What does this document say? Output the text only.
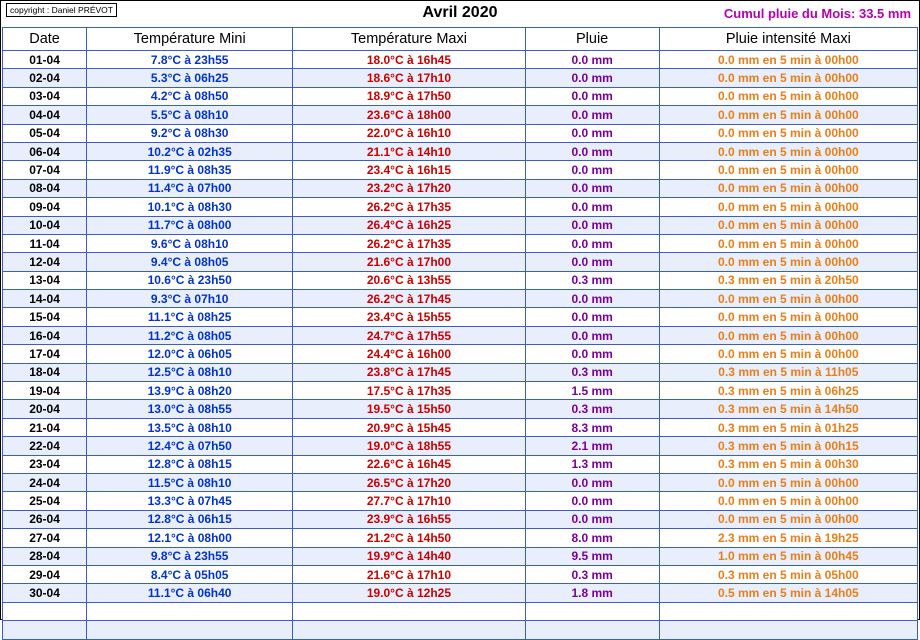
copyright : Daniel PRÉVOT	Avril 2020	Cumul pluie du Mois: 33.5 mm
Date	Température Mini	Température Maxi	Pluie	Pluie intensité Maxi
01-04	7.8°C à 23h55	18.0°C à 16h45	0.0 mm	0.0 mm en 5 min à 00h00
02-04	5.3°C à 06h25	18.6°C à 17h10	0.0 mm	0.0 mm en 5 min à 00h00
03-04	4.2°C à 08h50	18.9°C à 17h50	0.0 mm	0.0 mm en 5 min à 00h00
04-04	5.5°C à 08h10	23.6°C à 18h00	0.0 mm	0.0 mm en 5 min à 00h00
05-04	9.2°C à 08h30	22.0°C à 16h10	0.0 mm	0.0 mm en 5 min à 00h00
06-04	10.2°C à 02h35	21.1°C à 14h10	0.0 mm	0.0 mm en 5 min à 00h00
07-04	11.9°C à 08h35	23.4°C à 16h15	0.0 mm	0.0 mm en 5 min à 00h00
08-04	11.4°C à 07h00	23.2°C à 17h20	0.0 mm	0.0 mm en 5 min à 00h00
09-04	10.1°C à 08h30	26.2°C à 17h35	0.0 mm	0.0 mm en 5 min à 00h00
10-04	11.7°C à 08h00	26.4°C à 16h25	0.0 mm	0.0 mm en 5 min à 00h00
11-04	9.6°C à 08h10	26.2°C à 17h35	0.0 mm	0.0 mm en 5 min à 00h00
12-04	9.4°C à 08h05	21.6°C à 17h00	0.0 mm	0.0 mm en 5 min à 00h00
13-04	10.6°C à 23h50	20.6°C à 13h55	0.3 mm	0.3 mm en 5 min à 20h50
14-04	9.3°C à 07h10	26.2°C à 17h45	0.0 mm	0.0 mm en 5 min à 00h00
15-04	11.1°C à 08h25	23.4°C à 15h55	0.0 mm	0.0 mm en 5 min à 00h00
16-04	11.2°C à 08h05	24.7°C à 17h55	0.0 mm	0.0 mm en 5 min à 00h00
17-04	12.0°C à 06h05	24.4°C à 16h00	0.0 mm	0.0 mm en 5 min à 00h00
18-04	12.5°C à 08h10	23.8°C à 17h45	0.3 mm	0.3 mm en 5 min à 11h05
19-04	13.9°C à 08h20	17.5°C à 17h35	1.5 mm	0.3 mm en 5 min à 06h25
20-04	13.0°C à 08h55	19.5°C à 15h50	0.3 mm	0.3 mm en 5 min à 14h50
21-04	13.5°C à 08h10	20.9°C à 15h45	8.3 mm	0.3 mm en 5 min à 01h25
22-04	12.4°C à 07h50	19.0°C à 18h55	2.1 mm	0.3 mm en 5 min à 00h15
23-04	12.8°C à 08h15	22.6°C à 16h45	1.3 mm	0.3 mm en 5 min à 00h30
24-04	11.5°C à 08h10	26.5°C à 17h20	0.0 mm	0.0 mm en 5 min à 00h00
25-04	13.3°C à 07h45	27.7°C à 17h10	0.0 mm	0.0 mm en 5 min à 00h00
26-04	12.8°C à 06h15	23.9°C à 16h55	0.0 mm	0.0 mm en 5 min à 00h00
27-04	12.1°C à 08h00	21.2°C à 14h50	8.0 mm	2.3 mm en 5 min à 19h25
28-04	9.8°C à 23h55	19.9°C à 14h40	9.5 mm	1.0 mm en 5 min à 00h45
29-04	8.4°C à 05h05	21.6°C à 17h10	0.3 mm	0.3 mm en 5 min à 05h00
30-04	11.1°C à 06h40	19.0°C à 12h25	1.8 mm	0.5 mm en 5 min à 14h05
